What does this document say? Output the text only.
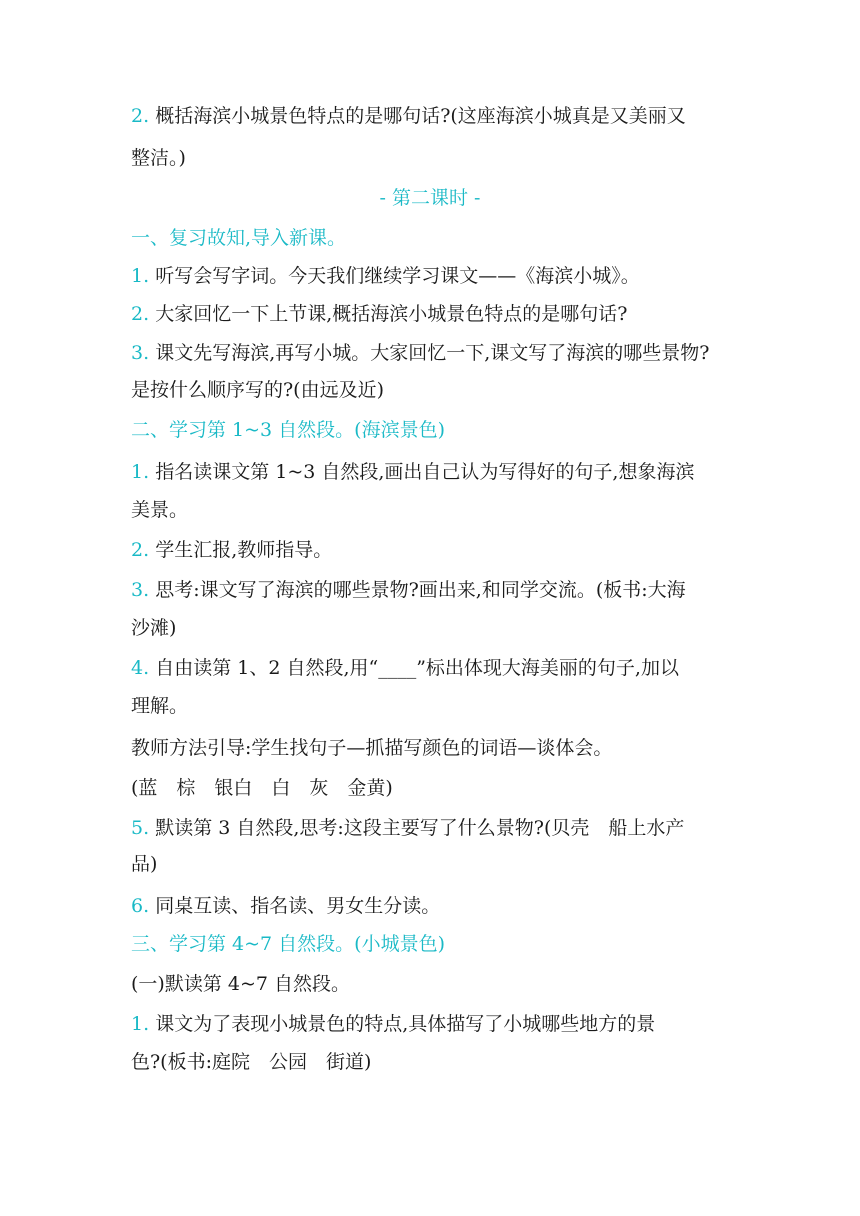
2. 概括海滨小城景色特点的是哪句话?(这座海滨小城真是又美丽又
整洁。)
- 第二课时 -
一、复习故知,导入新课。
1. 听写会写字词。今天我们继续学习课文——《海滨小城》。
2. 大家回忆一下上节课,概括海滨小城景色特点的是哪句话?
3. 课文先写海滨,再写小城。大家回忆一下,课文写了海滨的哪些景物?
是按什么顺序写的?(由远及近)
二、学习第 1~3 自然段。(海滨景色)
1. 指名读课文第 1~3 自然段,画出自己认为写得好的句子,想象海滨
美景。
2. 学生汇报,教师指导。
3. 思考:课文写了海滨的哪些景物?画出来,和同学交流。(板书:大海
沙滩)
4. 自由读第 1、2 自然段,用“____”标出体现大海美丽的句子,加以
理解。
教师方法引导:学生找句子—抓描写颜色的词语—谈体会。
(蓝　棕　银白　白　灰　金黄)
5. 默读第 3 自然段,思考:这段主要写了什么景物?(贝壳　船上水产
品)
6. 同桌互读、指名读、男女生分读。
三、学习第 4~7 自然段。(小城景色)
(一)默读第 4~7 自然段。
1. 课文为了表现小城景色的特点,具体描写了小城哪些地方的景
色?(板书:庭院　公园　街道)
